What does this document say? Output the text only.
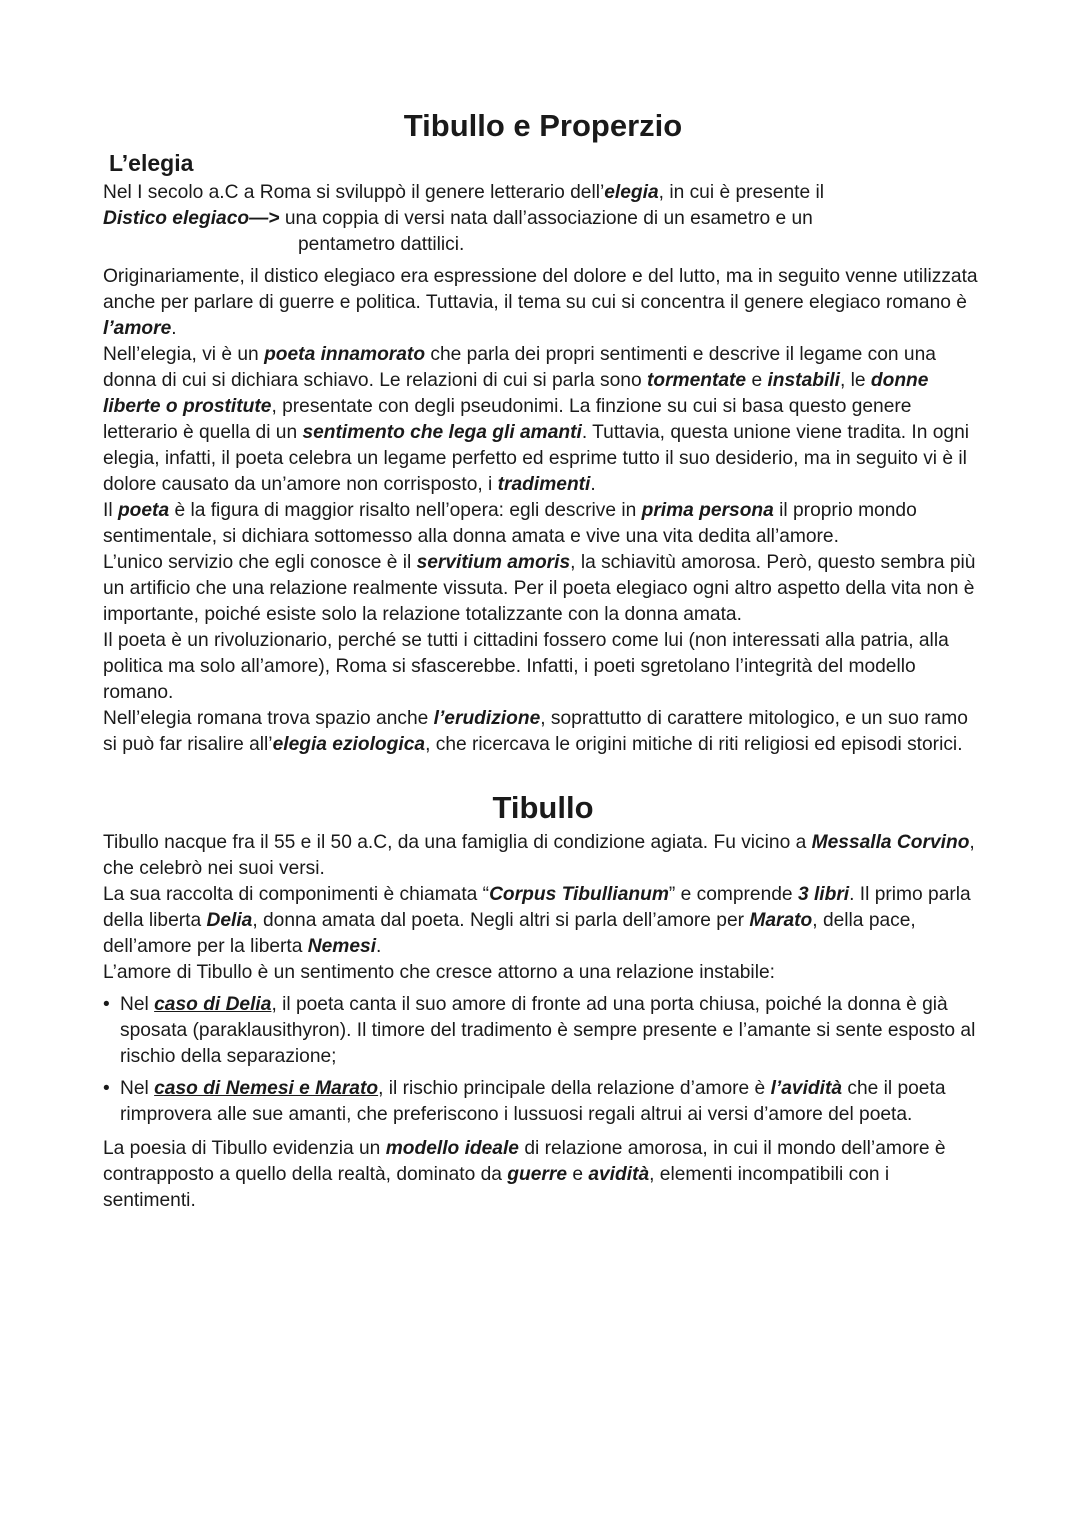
Tibullo e Properzio
L’elegia

Nel I secolo a.C a Roma si sviluppò il genere letterario dell’elegia, in cui è presente il

Distico elegiaco—> una coppia di versi nata dall’associazione di un esametro e un
pentametro dattilici.

Originariamente, il distico elegiaco era espressione del dolore e del lutto, ma in seguito venne utilizzata anche per parlare di guerre e politica. Tuttavia, il tema su cui si concentra il genere elegiaco romano è l’amore.

Nell’elegia, vi è un poeta innamorato che parla dei propri sentimenti e descrive il legame con una donna di cui si dichiara schiavo. Le relazioni di cui si parla sono tormentate e instabili, le donne liberte o prostitute, presentate con degli pseudonimi. La finzione su cui si basa questo genere letterario è quella di un sentimento che lega gli amanti. Tuttavia, questa unione viene tradita. In ogni elegia, infatti, il poeta celebra un legame perfetto ed esprime tutto il suo desiderio, ma in seguito vi è il dolore causato da un’amore non corrisposto, i tradimenti.

Il poeta è la figura di maggior risalto nell’opera: egli descrive in prima persona il proprio mondo sentimentale, si dichiara sottomesso alla donna amata e vive una vita dedita all’amore.

L’unico servizio che egli conosce è il servitium amoris, la schiavitù amorosa. Però, questo sembra più un artificio che una relazione realmente vissuta. Per il poeta elegiaco ogni altro aspetto della vita non è importante, poiché esiste solo la relazione totalizzante con la donna amata.

Il poeta è un rivoluzionario, perché se tutti i cittadini fossero come lui (non interessati alla patria, alla politica ma solo all’amore), Roma si sfascerebbe. Infatti, i poeti sgretolano l’integrità del modello romano.

Nell’elegia romana trova spazio anche l’erudizione, soprattutto di carattere mitologico, e un suo ramo si può far risalire all’elegia eziologica, che ricercava le origini mitiche di riti religiosi ed episodi storici.

Tibullo

Tibullo nacque fra il 55 e il 50 a.C, da una famiglia di condizione agiata. Fu vicino a Messalla Corvino, che celebrò nei suoi versi.

La sua raccolta di componimenti è chiamata “Corpus Tibullianum” e comprende 3 libri. Il primo parla della liberta Delia, donna amata dal poeta. Negli altri si parla dell’amore per Marato, della pace, dell’amore per la liberta Nemesi.

L’amore di Tibullo è un sentimento che cresce attorno a una relazione instabile:

• Nel caso di Delia, il poeta canta il suo amore di fronte ad una porta chiusa, poiché la donna è già sposata (paraklausithyron). Il timore del tradimento è sempre presente e l’amante si sente esposto al rischio della separazione;
• Nel caso di Nemesi e Marato, il rischio principale della relazione d’amore è l’avidità che il poeta rimprovera alle sue amanti, che preferiscono i lussuosi regali altrui ai versi d’amore del poeta.

La poesia di Tibullo evidenzia un modello ideale di relazione amorosa, in cui il mondo dell’amore è contrapposto a quello della realtà, dominato da guerre e avidità, elementi incompatibili con i sentimenti.
